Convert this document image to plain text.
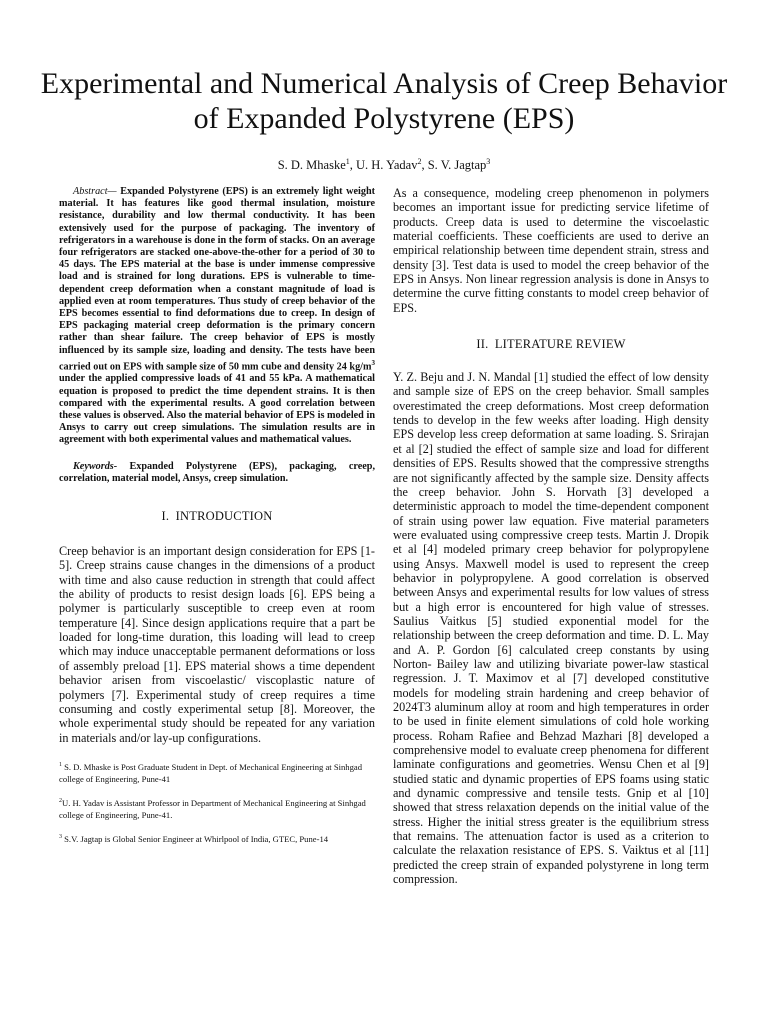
Experimental and Numerical Analysis of Creep Behavior of Expanded Polystyrene (EPS)
S. D. Mhaske$^1$, U. H. Yadav$^2$, S. V. Jagtap$^3$

Abstract— Expanded Polystyrene (EPS) is an extremely light weight material. It has features like good thermal insulation, moisture resistance, durability and low thermal conductivity. It has been extensively used for the purpose of packaging. The inventory of refrigerators in a warehouse is done in the form of stacks. On an average four refrigerators are stacked one-above-the-other for a period of 30 to 45 days. The EPS material at the base is under immense compressive load and is strained for long durations. EPS is vulnerable to time-dependent creep deformation when a constant magnitude of load is applied even at room temperatures. Thus study of creep behavior of the EPS becomes essential to find deformations due to creep. In design of EPS packaging material creep deformation is the primary concern rather than shear failure. The creep behavior of EPS is mostly influenced by its sample size, loading and density. The tests have been carried out on EPS with sample size of 50 mm cube and density 24 $kg/m^3$ under the applied compressive loads of 41 and 55 kPa. A mathematical equation is proposed to predict the time dependent strains. It is then compared with the experimental results. A good correlation between these values is observed. Also the material behavior of EPS is modeled in Ansys to carry out creep simulations. The simulation results are in agreement with both experimental values and mathematical values.

Keywords- Expanded Polystyrene (EPS), packaging, creep, correlation, material model, Ansys, creep simulation.

I. INTRODUCTION

Creep behavior is an important design consideration for EPS [1-5]. Creep strains cause changes in the dimensions of a product with time and also cause reduction in strength that could affect the ability of products to resist design loads [6]. EPS being a polymer is particularly susceptible to creep even at room temperature [4]. Since design applications require that a part be loaded for long-time duration, this loading will lead to creep which may induce unacceptable permanent deformations or loss of assembly preload [1]. EPS material shows a time dependent behavior arisen from viscoelastic/ viscoplastic nature of polymers [7]. Experimental study of creep requires a time consuming and costly experimental setup [8]. Moreover, the whole experimental study should be repeated for any variation in materials and/or lay-up configurations.

$^1$ S. D. Mhaske is Post Graduate Student in Dept. of Mechanical Engineering at Sinhgad college of Engineering, Pune-41

$^2$U. H. Yadav is Assistant Professor in Department of Mechanical Engineering at Sinhgad college of Engineering, Pune-41.

$^3$ S.V. Jagtap is Global Senior Engineer at Whirlpool of India, GTEC, Pune-14

As a consequence, modeling creep phenomenon in polymers becomes an important issue for predicting service lifetime of products. Creep data is used to determine the viscoelastic material coefficients. These coefficients are used to derive an empirical relationship between time dependent strain, stress and density [3]. Test data is used to model the creep behavior of the EPS in Ansys. Non linear regression analysis is done in Ansys to determine the curve fitting constants to model creep behavior of EPS.

II. LITERATURE REVIEW

Y. Z. Beju and J. N. Mandal [1] studied the effect of low density and sample size of EPS on the creep behavior. Small samples overestimated the creep deformations. Most creep deformation tends to develop in the few weeks after loading. High density EPS develop less creep deformation at same loading. S. Srirajan et al [2] studied the effect of sample size and load for different densities of EPS. Results showed that the compressive strengths are not significantly affected by the sample size. Density affects the creep behavior. John S. Horvath [3] developed a deterministic approach to model the time-dependent component of strain using power law equation. Five material parameters were evaluated using compressive creep tests. Martin J. Dropik et al [4] modeled primary creep behavior for polypropylene using Ansys. Maxwell model is used to represent the creep behavior in polypropylene. A good correlation is observed between Ansys and experimental results for low values of stress but a high error is encountered for high value of stresses. Saulius Vaitkus [5] studied exponential model for the relationship between the creep deformation and time. D. L. May and A. P. Gordon [6] calculated creep constants by using Norton- Bailey law and utilizing bivariate power-law stastical regression. J. T. Maximov et al [7] developed constitutive models for modeling strain hardening and creep behavior of 2024T3 aluminum alloy at room and high temperatures in order to be used in finite element simulations of cold hole working process. Roham Rafiee and Behzad Mazhari [8] developed a comprehensive model to evaluate creep phenomena for different laminate configurations and geometries. Wensu Chen et al [9] studied static and dynamic properties of EPS foams using static and dynamic compressive and tensile tests. Gnip et al [10] showed that stress relaxation depends on the initial value of the stress. Higher the initial stress greater is the equilibrium stress that remains. The attenuation factor is used as a criterion to calculate the relaxation resistance of EPS. S. Vaiktus et al [11] predicted the creep strain of expanded polystyrene in long term compression.
